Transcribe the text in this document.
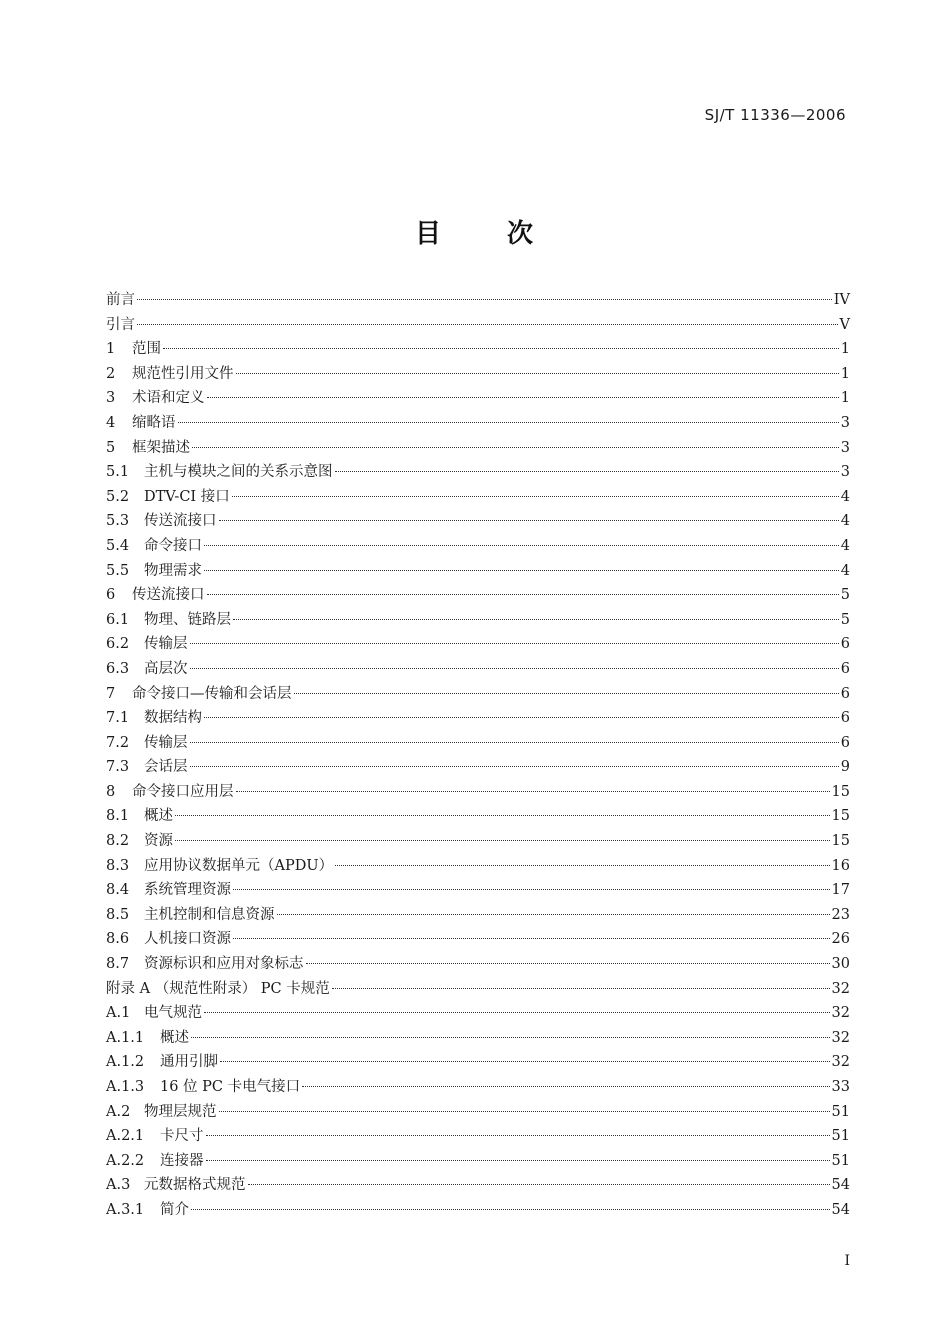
SJ/T 11336—2006
目 次
前言	IV
引言	V
1	范围	1
2	规范性引用文件	1
3	术语和定义	1
4	缩略语	3
5	框架描述	3
5.1	主机与模块之间的关系示意图	3
5.2	DTV-CI 接口	4
5.3	传送流接口	4
5.4	命令接口	4
5.5	物理需求	4
6	传送流接口	5
6.1	物理、链路层	5
6.2	传输层	6
6.3	高层次	6
7	命令接口—传输和会话层	6
7.1	数据结构	6
7.2	传输层	6
7.3	会话层	9
8	命令接口应用层	15
8.1	概述	15
8.2	资源	15
8.3	应用协议数据单元（APDU）	16
8.4	系统管理资源	17
8.5	主机控制和信息资源	23
8.6	人机接口资源	26
8.7	资源标识和应用对象标志	30
附录 A （规范性附录） PC 卡规范	32
A.1 电气规范	32
A.1.1	概述	32
A.1.2	通用引脚	32
A.1.3	16 位 PC 卡电气接口	33
A.2 物理层规范	51
A.2.1	卡尺寸	51
A.2.2	连接器	51
A.3 元数据格式规范	54
A.3.1	简介	54
I
